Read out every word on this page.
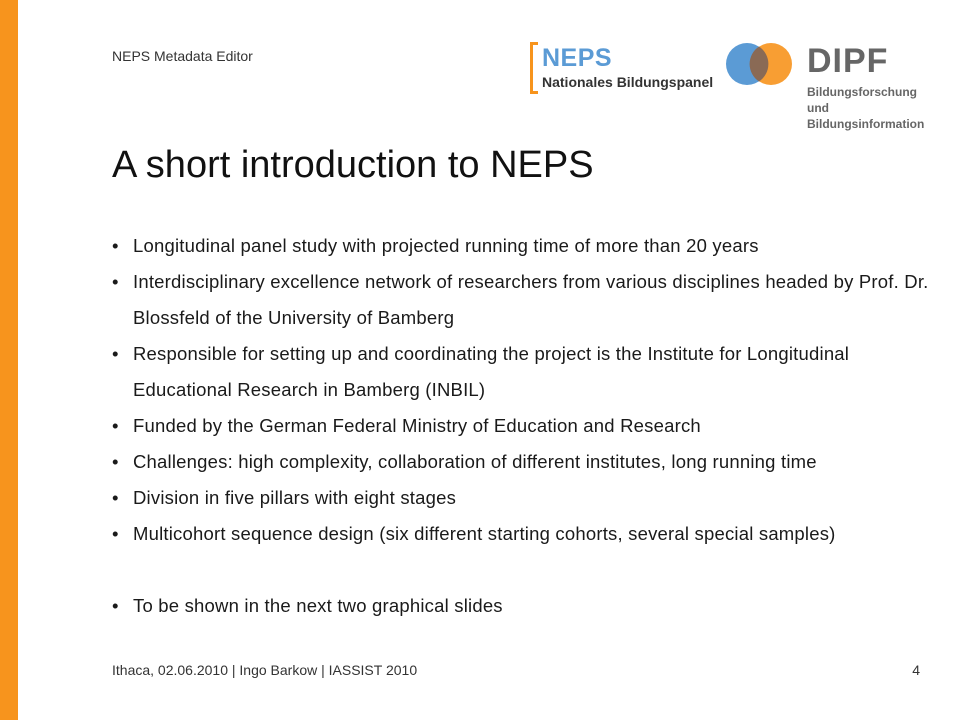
NEPS Metadata Editor	NEPS
Nationales Bildungspanel
DIPF
Bildungsforschung
und Bildungsinformation
A short introduction to NEPS
• Longitudinal panel study with projected running time of more than 20 years
• Interdisciplinary excellence network of researchers from various disciplines headed by Prof. Dr. Blossfeld of the University of Bamberg
• Responsible for setting up and coordinating the project is the Institute for Longitudinal Educational Research in Bamberg (INBIL)
• Funded by the German Federal Ministry of Education and Research
• Challenges: high complexity, collaboration of different institutes, long running time
• Division in five pillars with eight stages
• Multicohort sequence design (six different starting cohorts, several special samples)
• To be shown in the next two graphical slides
Ithaca, 02.06.2010 | Ingo Barkow | IASSIST 2010	4
